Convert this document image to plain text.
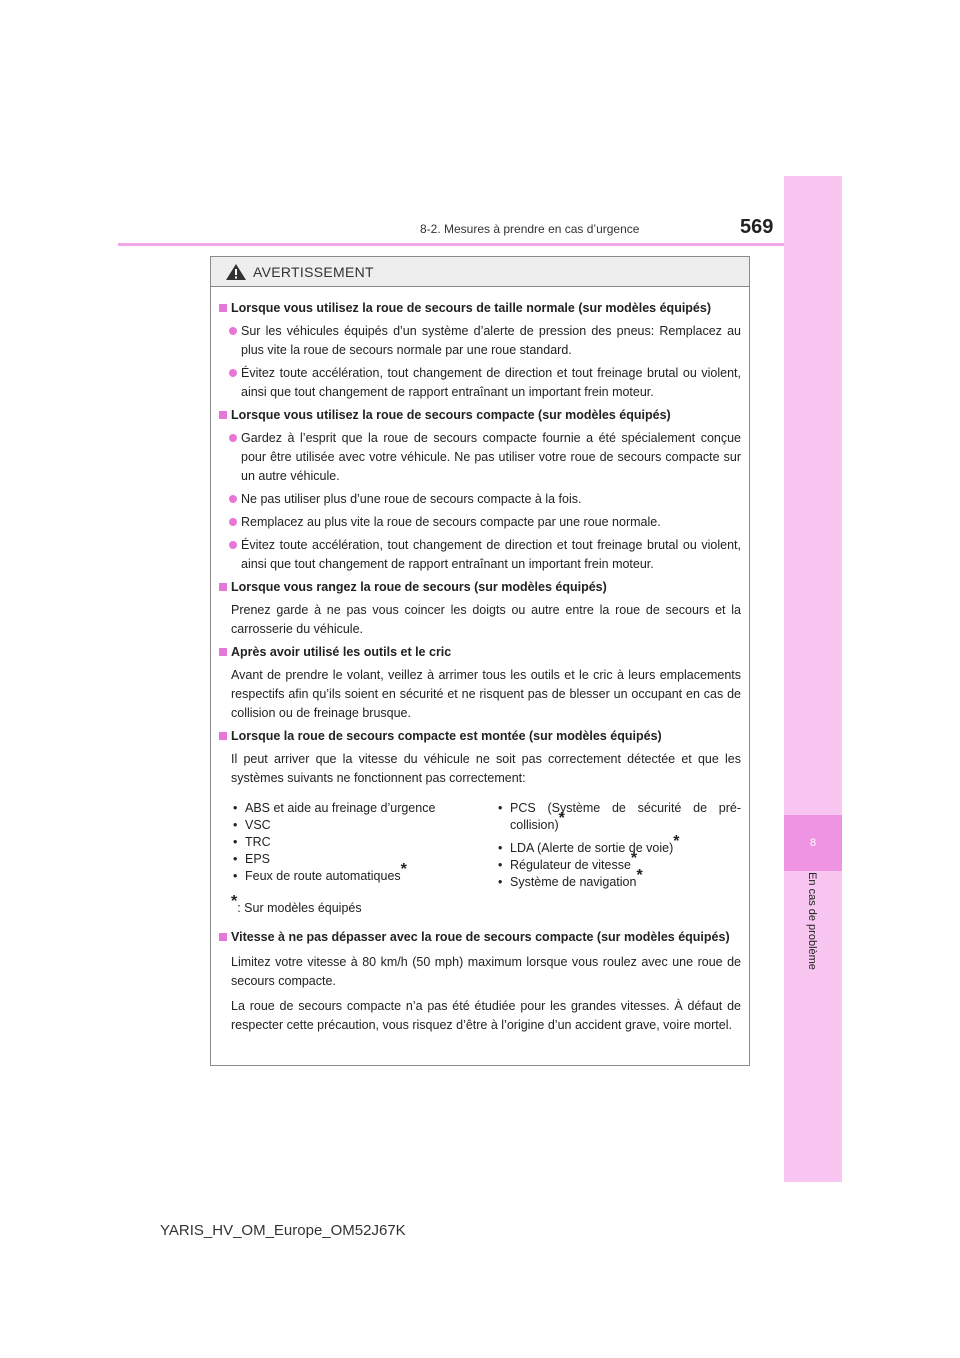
8
En cas de problème
8-2. Mesures à prendre en cas d’urgence	569
AVERTISSEMENT
Lorsque vous utilisez la roue de secours de taille normale (sur modèles équipés)
Sur les véhicules équipés d’un système d’alerte de pression des pneus: Remplacez au plus vite la roue de secours normale par une roue standard.
Évitez toute accélération, tout changement de direction et tout freinage brutal ou violent, ainsi que tout changement de rapport entraînant un important frein moteur.
Lorsque vous utilisez la roue de secours compacte (sur modèles équipés)
Gardez à l’esprit que la roue de secours compacte fournie a été spécialement conçue pour être utilisée avec votre véhicule. Ne pas utiliser votre roue de secours compacte sur un autre véhicule.
Ne pas utiliser plus d’une roue de secours compacte à la fois.
Remplacez au plus vite la roue de secours compacte par une roue normale.
Évitez toute accélération, tout changement de direction et tout freinage brutal ou violent, ainsi que tout changement de rapport entraînant un important frein moteur.
Lorsque vous rangez la roue de secours (sur modèles équipés)
Prenez garde à ne pas vous coincer les doigts ou autre entre la roue de secours et la carrosserie du véhicule.
Après avoir utilisé les outils et le cric
Avant de prendre le volant, veillez à arrimer tous les outils et le cric à leurs emplacements respectifs afin qu’ils soient en sécurité et ne risquent pas de blesser un occupant en cas de collision ou de freinage brusque.
Lorsque la roue de secours compacte est montée (sur modèles équipés)
Il peut arriver que la vitesse du véhicule ne soit pas correctement détectée et que les systèmes suivants ne fonctionnent pas correctement:
• ABS et aide au freinage d’urgence
• VSC
• TRC
• EPS
• Feux de route automatiques*
• PCS (Système de sécurité de pré-collision)*
• LDA (Alerte de sortie de voie)*
• Régulateur de vitesse*
• Système de navigation*
*: Sur modèles équipés
Vitesse à ne pas dépasser avec la roue de secours compacte (sur modèles équipés)
Limitez votre vitesse à 80 km/h (50 mph) maximum lorsque vous roulez avec une roue de secours compacte.
La roue de secours compacte n’a pas été étudiée pour les grandes vitesses. À défaut de respecter cette précaution, vous risquez d’être à l’origine d’un accident grave, voire mortel.
YARIS_HV_OM_Europe_OM52J67K
